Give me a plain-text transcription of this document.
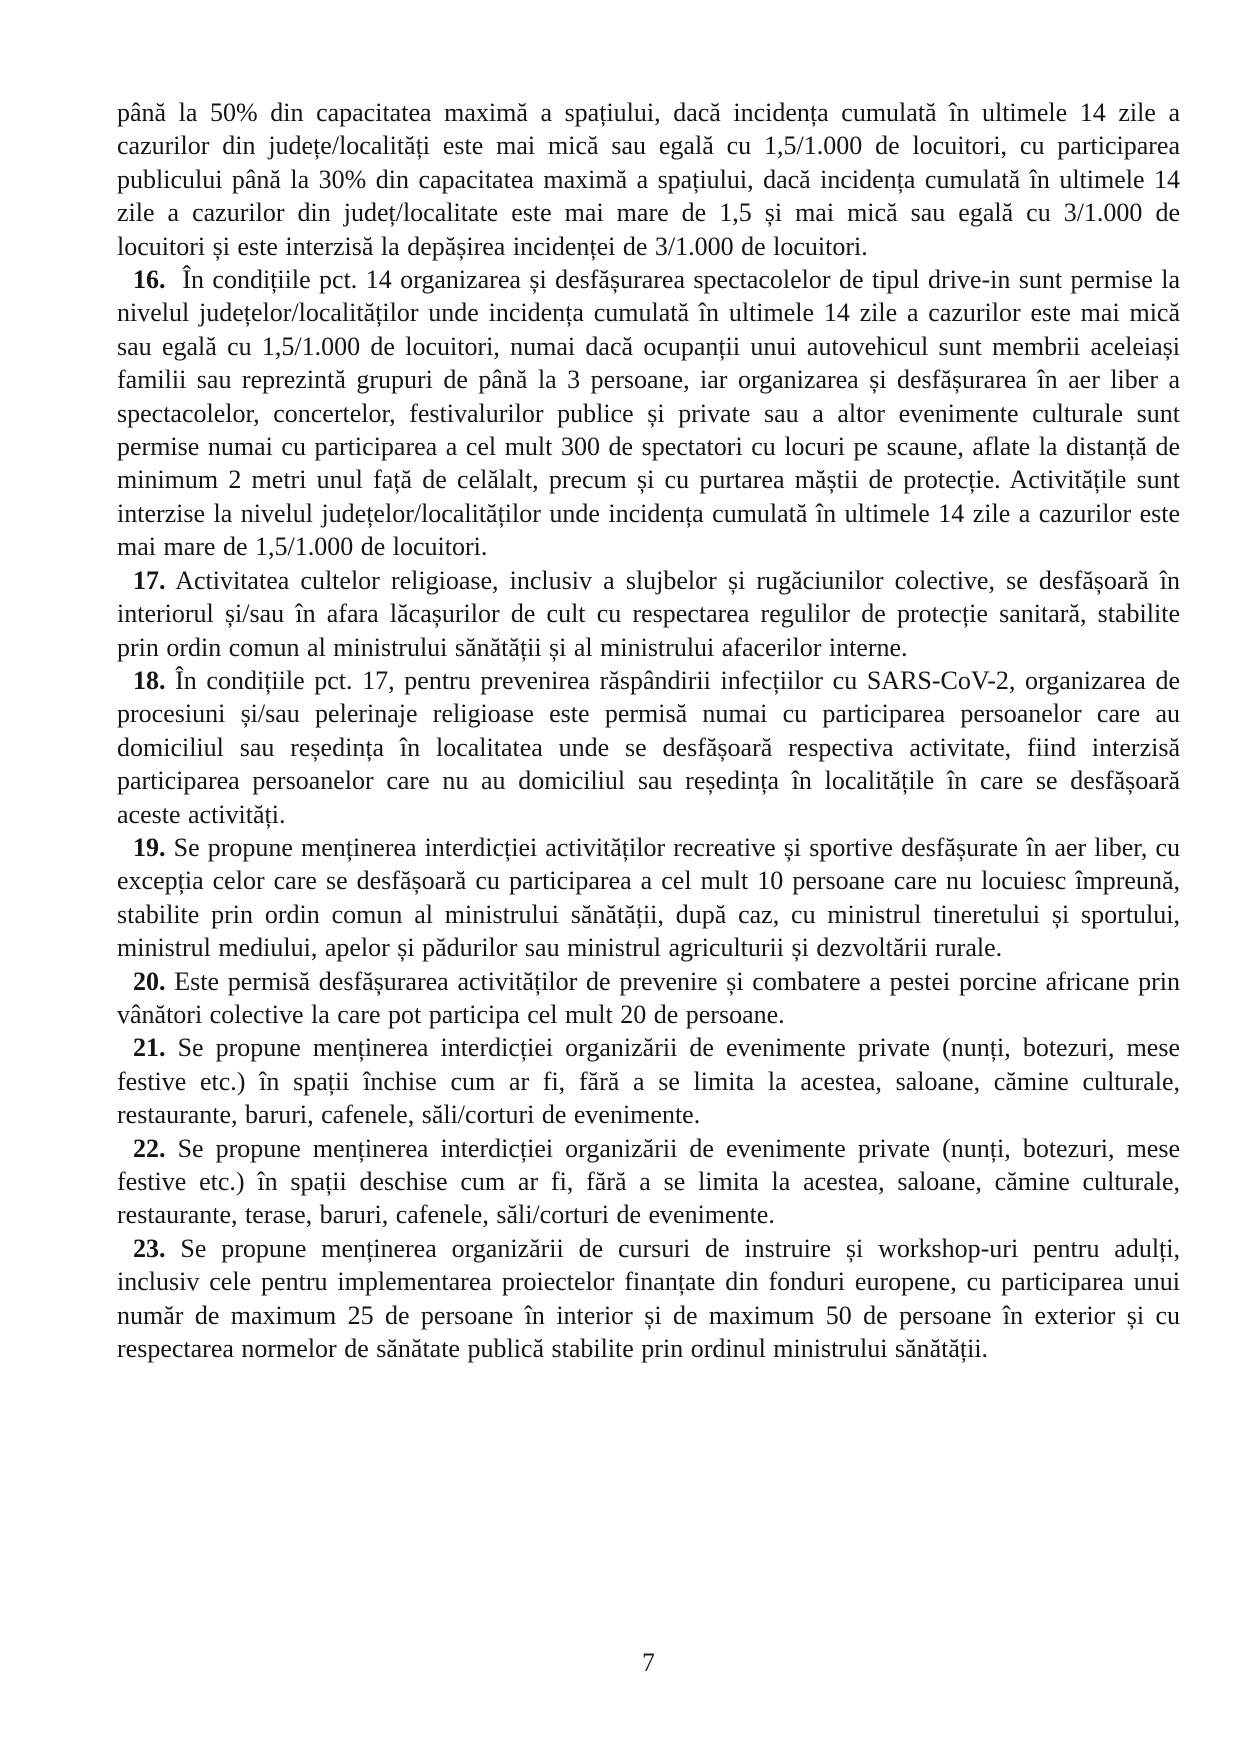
până la 50% din capacitatea maximă a spațiului, dacă incidența cumulată în ultimele 14 zile a cazurilor din județe/localități este mai mică sau egală cu 1,5/1.000 de locuitori, cu participarea publicului până la 30% din capacitatea maximă a spațiului, dacă incidența cumulată în ultimele 14 zile a cazurilor din județ/localitate este mai mare de 1,5 și mai mică sau egală cu 3/1.000 de locuitori și este interzisă la depășirea incidenței de 3/1.000 de locuitori.

16. În condițiile pct. 14 organizarea și desfășurarea spectacolelor de tipul drive-in sunt permise la nivelul județelor/localităților unde incidența cumulată în ultimele 14 zile a cazurilor este mai mică sau egală cu 1,5/1.000 de locuitori, numai dacă ocupanții unui autovehicul sunt membrii aceleiași familii sau reprezintă grupuri de până la 3 persoane, iar organizarea și desfășurarea în aer liber a spectacolelor, concertelor, festivalurilor publice și private sau a altor evenimente culturale sunt permise numai cu participarea a cel mult 300 de spectatori cu locuri pe scaune, aflate la distanță de minimum 2 metri unul față de celălalt, precum și cu purtarea măștii de protecție. Activitățile sunt interzise la nivelul județelor/localităților unde incidența cumulată în ultimele 14 zile a cazurilor este mai mare de 1,5/1.000 de locuitori.

17. Activitatea cultelor religioase, inclusiv a slujbelor și rugăciunilor colective, se desfășoară în interiorul și/sau în afara lăcașurilor de cult cu respectarea regulilor de protecție sanitară, stabilite prin ordin comun al ministrului sănătății și al ministrului afacerilor interne.

18. În condițiile pct. 17, pentru prevenirea răspândirii infecțiilor cu SARS-CoV-2, organizarea de procesiuni și/sau pelerinaje religioase este permisă numai cu participarea persoanelor care au domiciliul sau reședința în localitatea unde se desfășoară respectiva activitate, fiind interzisă participarea persoanelor care nu au domiciliul sau reședința în localitățile în care se desfășoară aceste activități.

19. Se propune menținerea interdicției activităților recreative și sportive desfășurate în aer liber, cu excepția celor care se desfășoară cu participarea a cel mult 10 persoane care nu locuiesc împreună, stabilite prin ordin comun al ministrului sănătății, după caz, cu ministrul tineretului și sportului, ministrul mediului, apelor și pădurilor sau ministrul agriculturii și dezvoltării rurale.

20. Este permisă desfășurarea activităților de prevenire și combatere a pestei porcine africane prin vânători colective la care pot participa cel mult 20 de persoane.

21. Se propune menținerea interdicției organizării de evenimente private (nunți, botezuri, mese festive etc.) în spații închise cum ar fi, fără a se limita la acestea, saloane, cămine culturale, restaurante, baruri, cafenele, săli/corturi de evenimente.

22. Se propune menținerea interdicției organizării de evenimente private (nunți, botezuri, mese festive etc.) în spații deschise cum ar fi, fără a se limita la acestea, saloane, cămine culturale, restaurante, terase, baruri, cafenele, săli/corturi de evenimente.

23. Se propune menținerea organizării de cursuri de instruire și workshop-uri pentru adulți, inclusiv cele pentru implementarea proiectelor finanțate din fonduri europene, cu participarea unui număr de maximum 25 de persoane în interior și de maximum 50 de persoane în exterior și cu respectarea normelor de sănătate publică stabilite prin ordinul ministrului sănătății.

7
